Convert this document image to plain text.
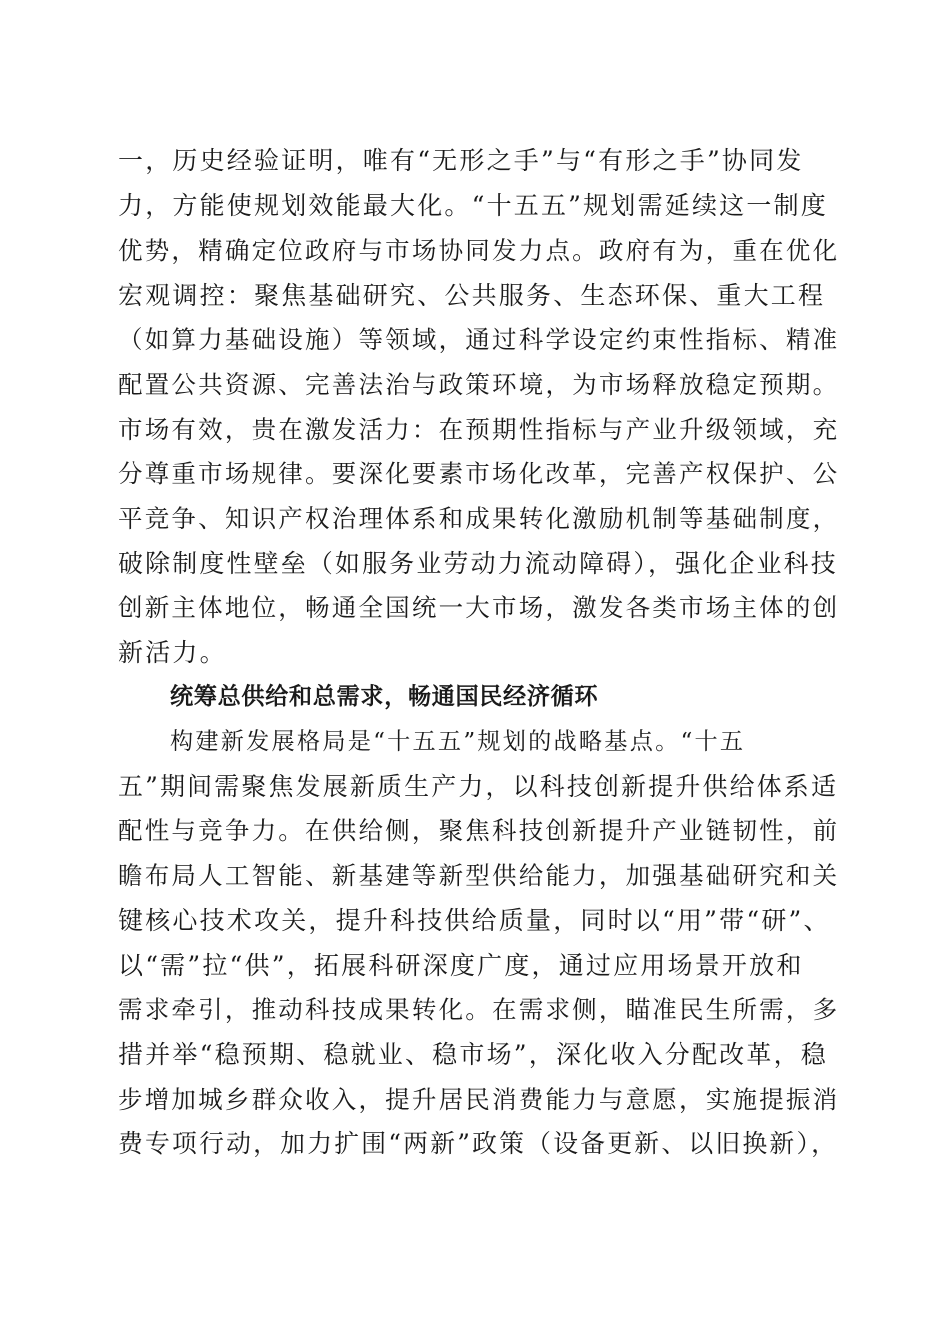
一，历史经验证明，唯有“无形之手”与“有形之手”协同发
力，方能使规划效能最大化。“十五五”规划需延续这一制度
优势，精确定位政府与市场协同发力点。政府有为，重在优化
宏观调控：聚焦基础研究、公共服务、生态环保、重大工程
（如算力基础设施）等领域，通过科学设定约束性指标、精准
配置公共资源、完善法治与政策环境，为市场释放稳定预期。
市场有效，贵在激发活力：在预期性指标与产业升级领域，充
分尊重市场规律。要深化要素市场化改革，完善产权保护、公
平竞争、知识产权治理体系和成果转化激励机制等基础制度，
破除制度性壁垒（如服务业劳动力流动障碍），强化企业科技
创新主体地位，畅通全国统一大市场，激发各类市场主体的创
新活力。
统筹总供给和总需求，畅通国民经济循环
构建新发展格局是“十五五”规划的战略基点。“十五
五”期间需聚焦发展新质生产力，以科技创新提升供给体系适
配性与竞争力。在供给侧，聚焦科技创新提升产业链韧性，前
瞻布局人工智能、新基建等新型供给能力，加强基础研究和关
键核心技术攻关，提升科技供给质量，同时以“用”带“研”、
以“需”拉“供”，拓展科研深度广度，通过应用场景开放和
需求牵引，推动科技成果转化。在需求侧，瞄准民生所需，多
措并举“稳预期、稳就业、稳市场”，深化收入分配改革，稳
步增加城乡群众收入，提升居民消费能力与意愿，实施提振消
费专项行动，加力扩围“两新”政策（设备更新、以旧换新），
